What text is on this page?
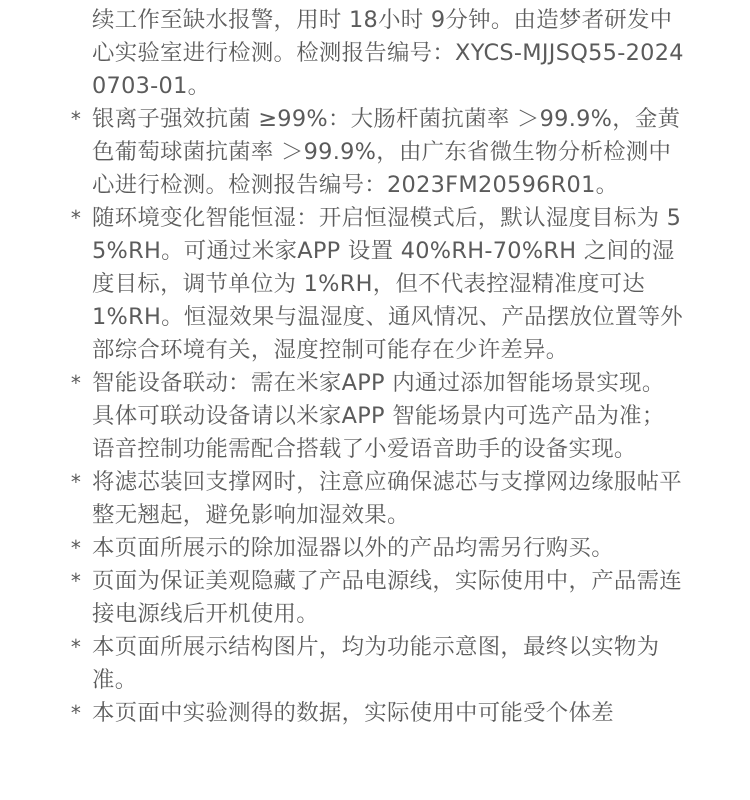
续工作至缺水报警，用时 18小时 9分钟。由造梦者研发中心实验室进行检测。检测报告编号：XYCS-MJJSQ55-20240703-01。
* 银离子强效抗菌 ≥99%：大肠杆菌抗菌率 ＞99.9%，金黄色葡萄球菌抗菌率 ＞99.9%，由广东省微生物分析检测中心进行检测。检测报告编号：2023FM20596R01。
* 随环境变化智能恒湿：开启恒湿模式后，默认湿度目标为 55%RH。可通过米家APP 设置 40%RH-70%RH 之间的湿度目标，调节单位为 1%RH，但不代表控湿精准度可达 1%RH。恒湿效果与温湿度、通风情况、产品摆放位置等外部综合环境有关，湿度控制可能存在少许差异。
* 智能设备联动：需在米家APP 内通过添加智能场景实现。具体可联动设备请以米家APP 智能场景内可选产品为准；语音控制功能需配合搭载了小爱语音助手的设备实现。
* 将滤芯装回支撑网时，注意应确保滤芯与支撑网边缘服帖平整无翘起，避免影响加湿效果。
* 本页面所展示的除加湿器以外的产品均需另行购买。
* 页面为保证美观隐藏了产品电源线，实际使用中，产品需连接电源线后开机使用。
* 本页面所展示结构图片，均为功能示意图，最终以实物为准。
* 本页面中实验测得的数据，实际使用中可能受个体差
